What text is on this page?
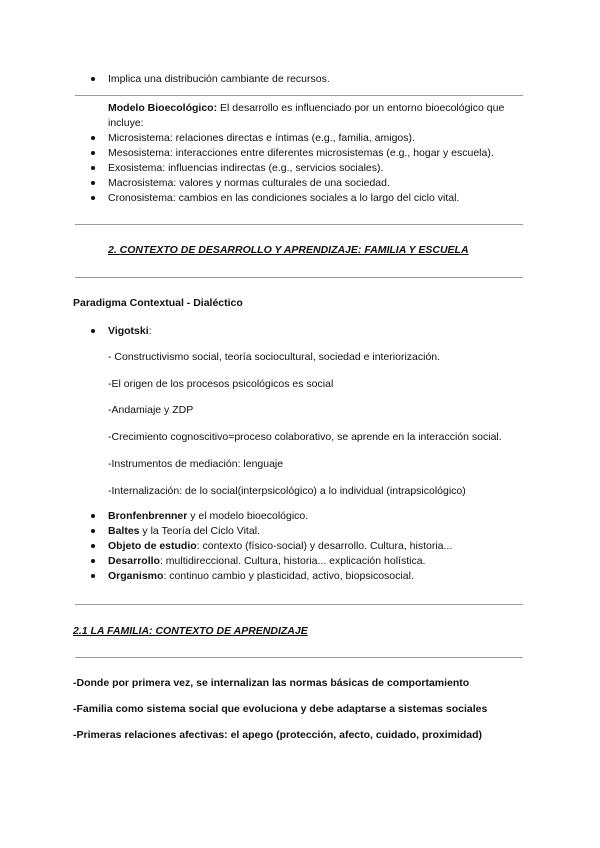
Implica una distribución cambiante de recursos.
Modelo Bioecológico: El desarrollo es influenciado por un entorno bioecológico que
incluye:
Microsistema: relaciones directas e íntimas (e.g., familia, amigos).
Mesosistema: interacciones entre diferentes microsistemas (e.g., hogar y escuela).
Exosistema: influencias indirectas (e.g., servicios sociales).
Macrosistema: valores y normas culturales de una sociedad.
Cronosistema: cambios en las condiciones sociales a lo largo del ciclo vital.
2. CONTEXTO DE DESARROLLO Y APRENDIZAJE: FAMILIA Y ESCUELA
Paradigma Contextual - Dialéctico
Vigotski:
- Constructivismo social, teoría sociocultural, sociedad e interiorización.
-El origen de los procesos psicológicos es social
-Andamiaje y ZDP
-Crecimiento cognoscitivo=proceso colaborativo, se aprende en la interacción social.
-Instrumentos de mediación: lenguaje
-Internalización: de lo social(interpsicológico) a lo individual (intrapsicológico)
Bronfenbrenner y el modelo bioecológico.
Baltes y la Teoría del Ciclo Vital.
Objeto de estudio: contexto (físico-social) y desarrollo. Cultura, historia...
Desarrollo: multidireccional. Cultura, historia... explicación holística.
Organismo: continuo cambio y plasticidad, activo, biopsicosocial.
2.1 LA FAMILIA: CONTEXTO DE APRENDIZAJE
-Donde por primera vez, se internalizan las normas básicas de comportamiento
-Familia como sistema social que evoluciona y debe adaptarse a sistemas sociales
-Primeras relaciones afectivas: el apego (protección, afecto, cuidado, proximidad)
